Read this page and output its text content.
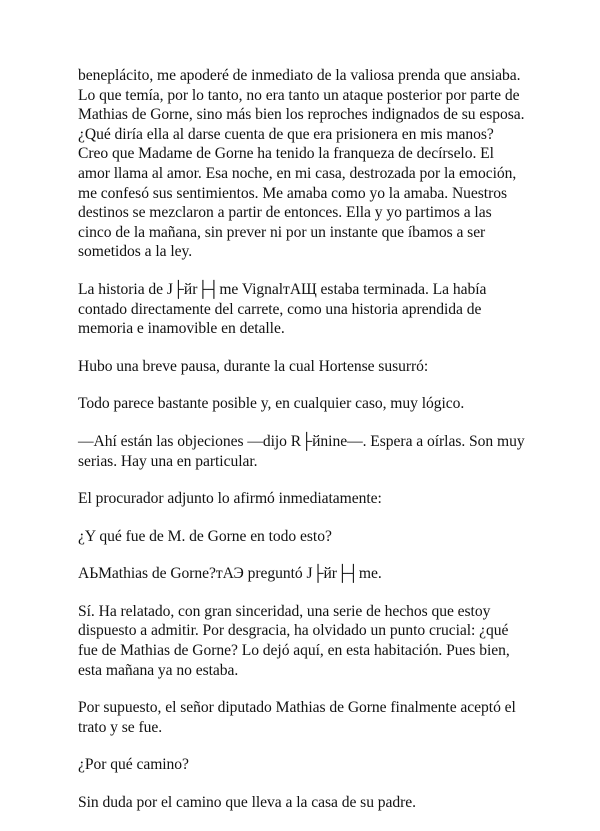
beneplácito, me apoderé de inmediato de la valiosa prenda que ansiaba. Lo que temía, por lo tanto, no era tanto un ataque posterior por parte de Mathias de Gorne, sino más bien los reproches indignados de su esposa. ¿Qué diría ella al darse cuenta de que era prisionera en mis manos? Creo que Madame de Gorne ha tenido la franqueza de decírselo. El amor llama al amor. Esa noche, en mi casa, destrozada por la emoción, me confesó sus sentimientos. Me amaba como yo la amaba. Nuestros destinos se mezclaron a partir de entonces. Ella y yo partimos a las cinco de la mañana, sin prever ni por un instante que íbamos a ser sometidos a la ley.

La historia de J├йr├┤me VignalтАЩ estaba terminada. La había contado directamente del carrete, como una historia aprendida de memoria e inamovible en detalle.

Hubo una breve pausa, durante la cual Hortense susurró:

Todo parece bastante posible y, en cualquier caso, muy lógico.

—Ahí están las objeciones —dijo R├йnine—. Espera a oírlas. Son muy serias. Hay una en particular.

El procurador adjunto lo afirmó inmediatamente:

¿Y qué fue de M. de Gorne en todo esto?

АЬMathias de Gorne?тАЭ preguntó J├йr├┤me.

Sí. Ha relatado, con gran sinceridad, una serie de hechos que estoy dispuesto a admitir. Por desgracia, ha olvidado un punto crucial: ¿qué fue de Mathias de Gorne? Lo dejó aquí, en esta habitación. Pues bien, esta mañana ya no estaba.

Por supuesto, el señor diputado Mathias de Gorne finalmente aceptó el trato y se fue.

¿Por qué camino?

Sin duda por el camino que lleva a la casa de su padre.
